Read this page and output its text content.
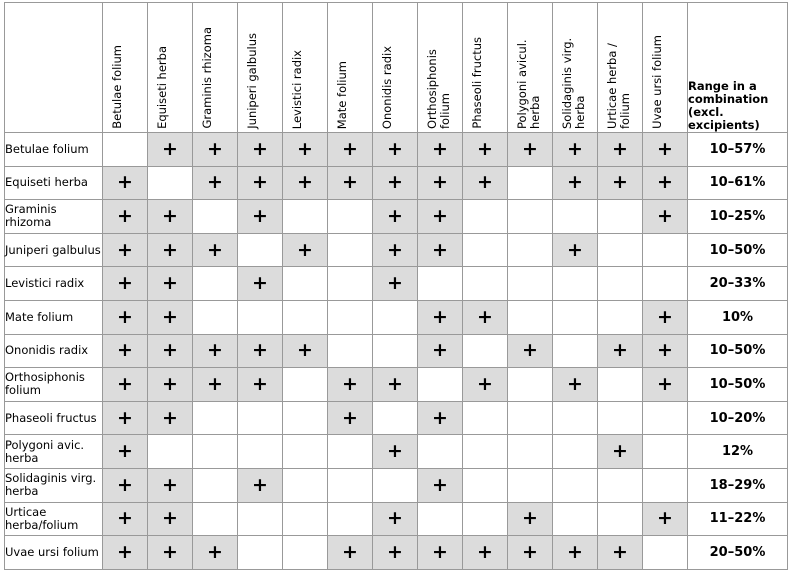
	Betulae folium	Equiseti herba	Graminis rhizoma	Juniperi galbulus	Levistici radix	Mate folium	Ononidis radix	Orthosiphonis folium	Phaseoli fructus	Polygoni avicul. herba	Solidaginis virg. herba	Urticae herba / folium	Uvae ursi folium	Range in a combination (excl. excipients)
Betulae folium		+	+	+	+	+	+	+	+	+	+	+	+	10–57%
Equiseti herba	+		+	+	+	+	+	+	+		+	+	+	10–61%
Graminis rhizoma	+	+		+			+	+					+	10–25%
Juniperi galbulus	+	+	+		+		+	+			+			10–50%
Levistici radix	+	+		+			+							20–33%
Mate folium	+	+						+	+				+	10%
Ononidis radix	+	+	+	+	+			+		+		+	+	10–50%
Orthosiphonis folium	+	+	+	+		+	+		+		+		+	10–50%
Phaseoli fructus	+	+				+		+						10–20%
Polygoni avic. herba	+						+					+		12%
Solidaginis virg. herba	+	+		+				+						18–29%
Urticae herba/folium	+	+					+			+			+	11–22%
Uvae ursi folium	+	+	+			+	+	+	+	+	+	+		20–50%
